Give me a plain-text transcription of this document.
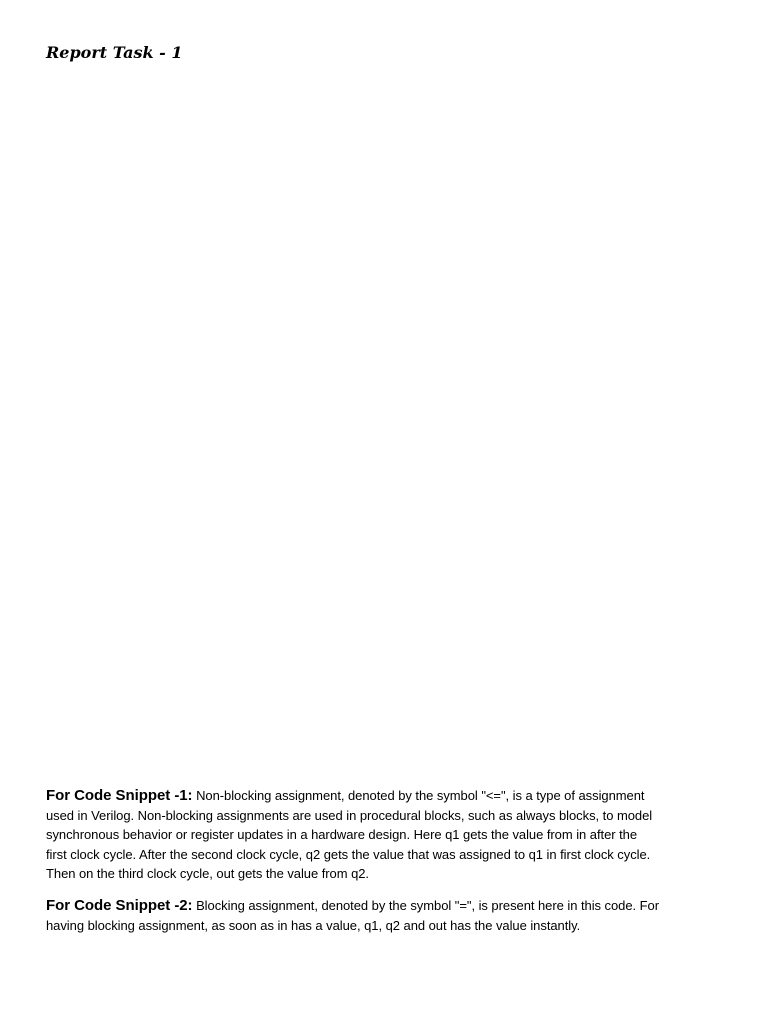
Report Task - 1

For Code Snippet -1: Non-blocking assignment, denoted by the symbol "<=", is a type of assignment
used in Verilog. Non-blocking assignments are used in procedural blocks, such as always blocks, to model
synchronous behavior or register updates in a hardware design. Here q1 gets the value from in after the
first clock cycle. After the second clock cycle, q2 gets the value that was assigned to q1 in first clock cycle.
Then on the third clock cycle, out gets the value from q2.

For Code Snippet -2: Blocking assignment, denoted by the symbol "=", is present here in this code. For
having blocking assignment, as soon as in has a value, q1, q2 and out has the value instantly.
